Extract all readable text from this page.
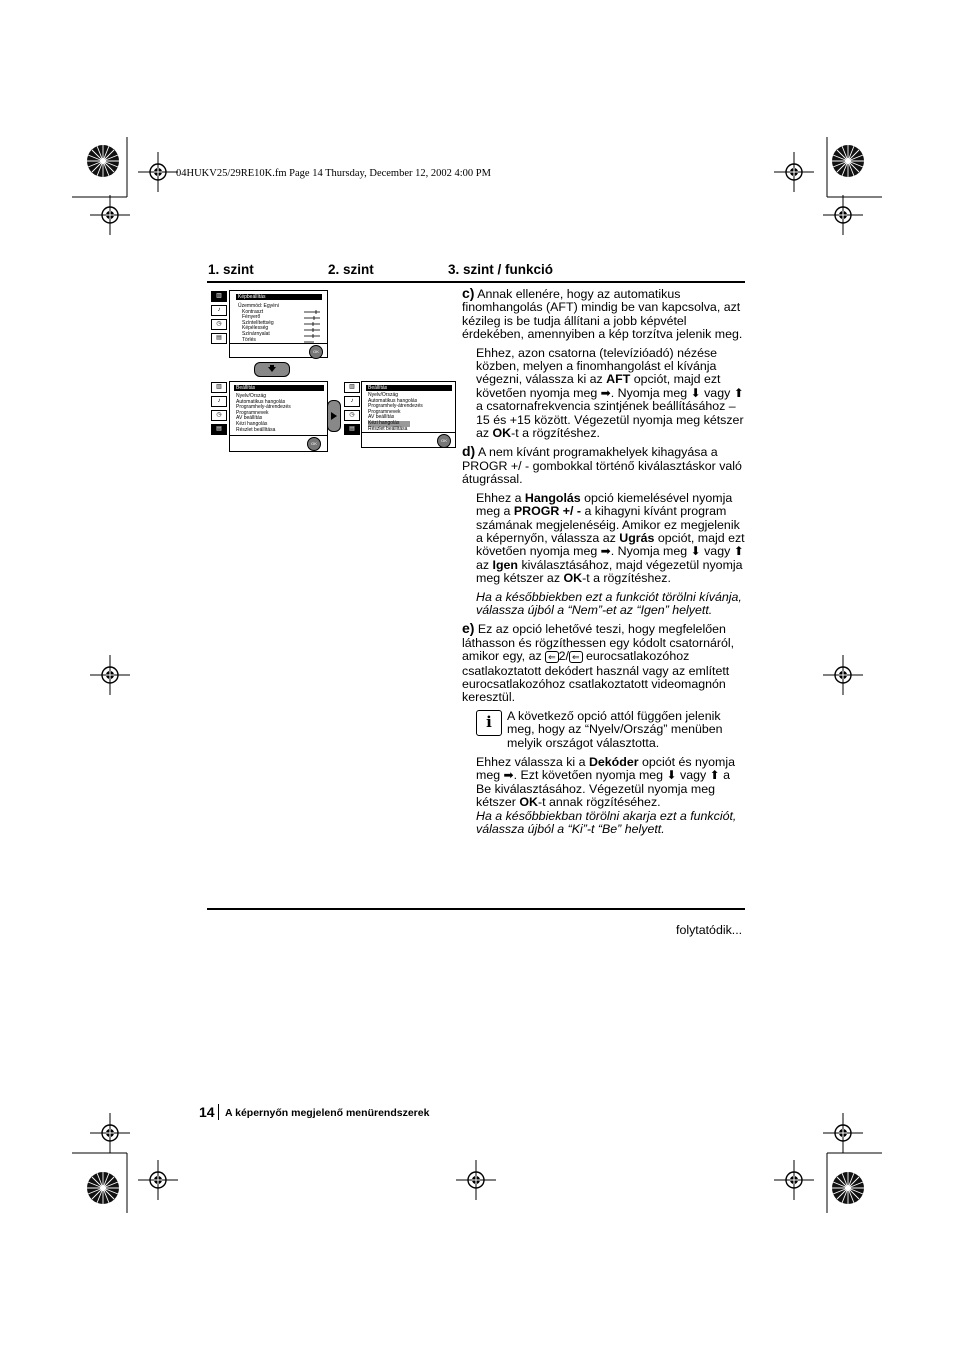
04HUKV25/29RE10K.fm Page 14 Thursday, December 12, 2002 4:00 PM
1. szint	2. szint	3. szint / funkció
▥
♪
◷
▤
Képbeállítás
Üzemmód: Egyéni
Kontraszt
Fényerő
Színtelítettség
Képélesség
Színárnyalat
Törlés
OK
▥
♪
◷
▤
Beállítás
Nyelv/Ország
Automatikus hangolás
Programhely-átrendezés
Programnevek
AV beállítás
Kézi hangolás
Részlet beállítása
OK
▥
♪
◷
▤
Beállítás
Nyelv/Ország
Automatikus hangolás
Programhely-átrendezés
Programnevek
AV beállítás
Kézi hangolás
Részlet beállítása
OK

c) Annak ellenére, hogy az automatikus finomhangolás (AFT) mindig be van kapcsolva, azt kézileg is be tudja állítani a jobb képvétel érdekében, amennyiben a kép torzítva jelenik meg.

Ehhez, azon csatorna (televízióadó) nézése közben, melyen a finomhangolást el kívánja végezni, válassza ki az AFT opciót, majd ezt követően nyomja meg ➡. Nyomja meg ⬇ vagy ⬆ a csatornafrekvencia szintjének beállításához –15 és +15 között. Végezetül nyomja meg kétszer az OK-t a rögzítéshez.

d) A nem kívánt programakhelyek kihagyása a PROGR +/ - gombokkal történő kiválasztáskor való átugrással.

Ehhez a Hangolás opció kiemelésével nyomja meg a PROGR +/ - a kihagyni kívánt program számának megjelenéséig. Amikor ez megjelenik a képernyőn, válassza az Ugrás opciót, majd ezt követően nyomja meg ➡. Nyomja meg ⬇ vagy ⬆ az Igen kiválasztásához, majd végezetül nyomja meg kétszer az OK-t a rögzítéshez.

Ha a későbbiekben ezt a funkciót törölni kívánja, válassza újból a “Nem”-et az “Igen” helyett.

e) Ez az opció lehetővé teszi, hogy megfelelően láthasson és rögzíthessen egy kódolt csatornáról, amikor egy, az ⇐ 2/ ⇐ eurocsatlakozóhoz csatlakoztatott dekódert használ vagy az említett eurocsatlakozóhoz csatlakoztatott videomagnón keresztül.

i	A következő opció attól függően jelenik meg, hogy az “Nyelv/Ország” menüben melyik országot választotta.

Ehhez válassza ki a Dekóder opciót és nyomja meg ➡. Ezt követően nyomja meg ⬇ vagy ⬆ a Be kiválasztásához. Végezetül nyomja meg kétszer OK-t annak rögzítéséhez.
Ha a későbbiekban törölni akarja ezt a funkciót, válassza újból a “Ki”-t “Be” helyett.

folytatódik...
14 A képernyőn megjelenő menürendszerek
